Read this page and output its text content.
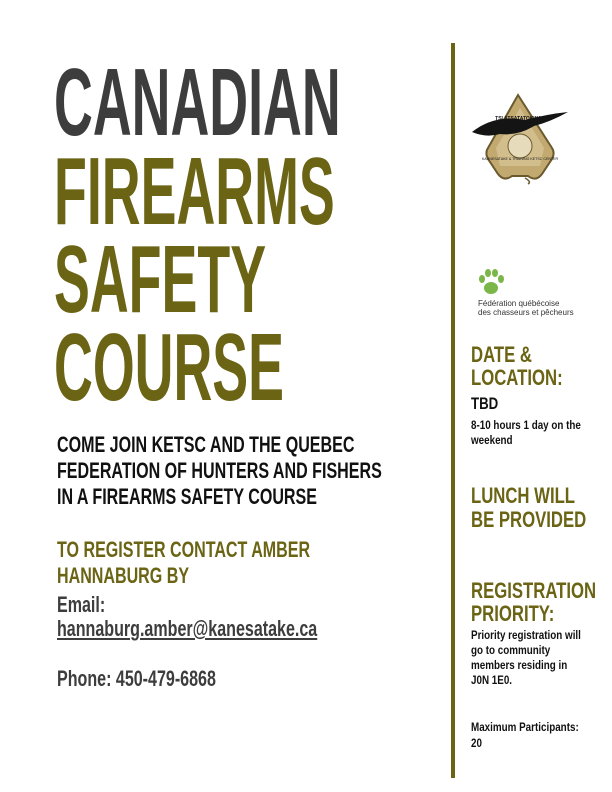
CANADIAN
FIREARMS
SAFETY
COURSE
COME JOIN KETSC AND THE QUEBEC
FEDERATION OF HUNTERS AND FISHERS
IN A FIREARMS SAFETY COURSE
TO REGISTER CONTACT AMBER
HANNABURG BY
Email:
hannaburg.amber@kanesatake.ca
Phone: 450-479-6868
TSI ATSATATOKWAS
KAHNESATAKE & TRAINING KETSC CENTER
Fédération québécoise
des chasseurs et pêcheurs
DATE &
LOCATION:
TBD
8-10 hours 1 day on the
weekend
LUNCH WILL
BE PROVIDED
REGISTRATION
PRIORITY:
Priority registration will
go to community
members residing in
J0N 1E0.
Maximum Participants:
20
